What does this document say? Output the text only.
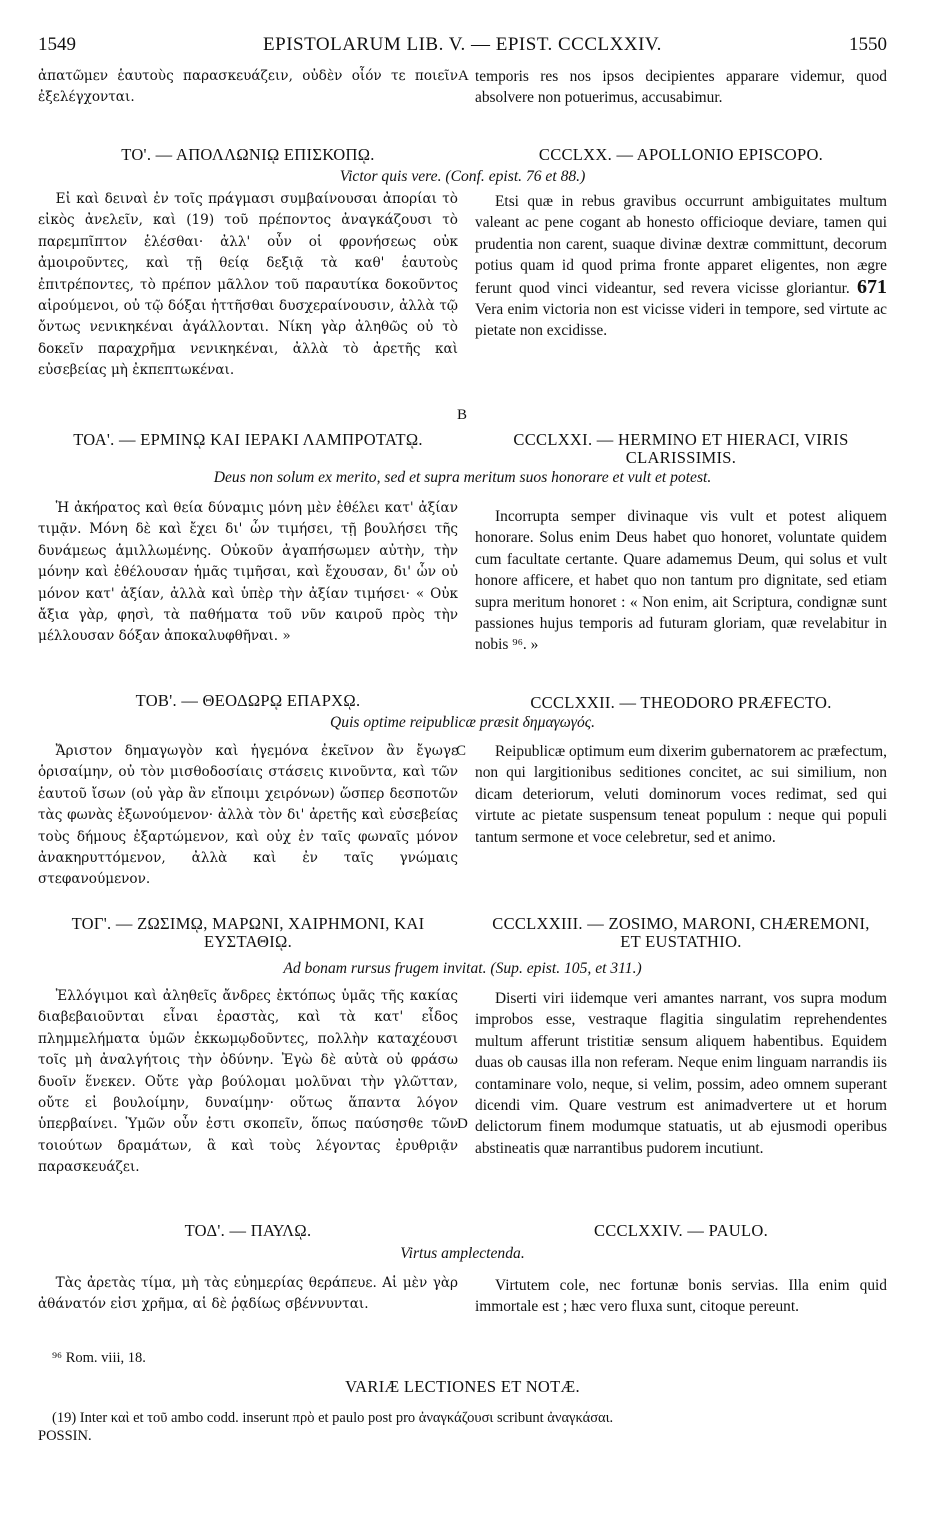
1549	EPISTOLARUM LIB. V. — EPIST. CCCLXXIV.	1550

ἀπατῶμεν ἑαυτοὺς παρασκευάζειν, οὐδὲν οἷόν τε ποιεῖν ἐξελέγχονται.

A temporis res nos ipsos decipientes apparare videmur, quod absolvere non potuerimus, accusabimur.

ΤΟ'. — ΑΠΟΛΛΩΝΙῼ ΕΠΙΣΚΟΠῼ.	CCCLXX. — APOLLONIO EPISCOPO.
Victor quis vere. (Conf. epist. 76 et 88.)

Εἰ καὶ δειναὶ ἐν τοῖς πράγμασι συμβαίνουσαι ἀπορίαι τὸ εἰκὸς ἀνελεῖν, καὶ (19) τοῦ πρέποντος ἀναγκάζουσι τὸ παρεμπῖπτον ἑλέσθαι· ἀλλ' οὖν οἱ φρονήσεως οὐκ ἀμοιροῦντες, καὶ τῇ θείᾳ δεξιᾷ τὰ καθ' ἑαυτοὺς ἐπιτρέποντες, τὸ πρέπον μᾶλλον τοῦ παραυτίκα δοκοῦντος αἱρούμενοι, οὐ τῷ δόξαι ἡττῆσθαι δυσχεραίνουσιν, ἀλλὰ τῷ ὄντως νενικηκέναι ἀγάλλονται. Νίκη γὰρ ἀληθῶς οὐ τὸ δοκεῖν παραχρῆμα νενικηκέναι, ἀλλὰ τὸ ἀρετῆς καὶ εὐσεβείας μὴ ἐκπεπτωκέναι.

Etsi quæ in rebus gravibus occurrunt ambiguitates multum valeant ac pene cogant ab honesto officioque deviare, tamen qui prudentia non carent, suaque divinæ dextræ committunt, decorum potius quam id quod prima fronte apparet eligentes, non ægre ferunt quod vinci videantur, sed revera vicisse gloriantur. 671 Vera enim victoria non est vicisse videri in tempore, sed virtute ac pietate non excidisse.

B
ΤΟΑ'. — ΕΡΜΙΝῼ ΚΑΙ ΙΕΡΑΚΙ ΛΑΜΠΡΟΤΑΤῼ.	CCCLXXI. — HERMINO ET HIERACI, VIRIS
CLARISSIMIS.
Deus non solum ex merito, sed et supra meritum suos honorare et vult et potest.

Ἡ ἀκήρατος καὶ θεία δύναμις μόνη μὲν ἐθέλει κατ' ἀξίαν τιμᾷν. Μόνη δὲ καὶ ἔχει δι' ὧν τιμήσει, τῇ βουλήσει τῆς δυνάμεως ἁμιλλωμένης. Οὐκοῦν ἀγαπήσωμεν αὐτὴν, τὴν μόνην καὶ ἐθέλουσαν ἡμᾶς τιμῆσαι, καὶ ἔχουσαν, δι' ὧν οὐ μόνον κατ' ἀξίαν, ἀλλὰ καὶ ὑπὲρ τὴν ἀξίαν τιμήσει· « Οὐκ ἄξια γὰρ, φησὶ, τὰ παθήματα τοῦ νῦν καιροῦ πρὸς τὴν μέλλουσαν δόξαν ἀποκαλυφθῆναι. »

Incorrupta semper divinaque vis vult et potest aliquem honorare. Solus enim Deus habet quo honoret, voluntate quidem cum facultate certante. Quare adamemus Deum, qui solus et vult honore afficere, et habet quo non tantum pro dignitate, sed etiam supra meritum honoret : « Non enim, ait Scriptura, condignæ sunt passiones hujus temporis ad futuram gloriam, quæ revelabitur in nobis ⁹⁶. »

ΤΟΒ'. — ΘΕΟΔΩΡῼ ΕΠΑΡΧῼ.	CCCLXXII. — THEODORO PRÆFECTO.
Quis optime reipublicæ præsit δημαγωγός.

Ἄριστον δημαγωγὸν καὶ ἡγεμόνα ἐκεῖνον ἂν ἔγωγε ὁρισαίμην, οὐ τὸν μισθοδοσίαις στάσεις κινοῦντα, καὶ τῶν ἑαυτοῦ ἴσων (οὐ γὰρ ἂν εἴποιμι χειρόνων) ὥσπερ δεσποτῶν τὰς φωνὰς ἐξωνούμενον· ἀλλὰ τὸν δι' ἀρετῆς καὶ εὐσεβείας τοὺς δήμους ἐξαρτώμενον, καὶ οὐχ ἐν ταῖς φωναῖς μόνον ἀνακηρυττόμενον, ἀλλὰ καὶ ἐν ταῖς γνώμαις στεφανούμενον.

C	Reipublicæ optimum eum dixerim gubernatorem ac præfectum, non qui largitionibus seditiones concitet, ac sui similium, non dicam deteriorum, veluti dominorum voces redimat, sed qui virtute ac pietate suspensum teneat populum : neque qui populi tantum sermone et voce celebretur, sed et animo.

ΤΟΓ'. — ΖΩΣΙΜῼ, ΜΑΡΩΝΙ, ΧΑΙΡΗΜΟΝΙ, ΚΑΙ
ΕΥΣΤΑΘΙῼ.
CCCLXXIII. — ZOSIMO, MARONI, CHÆREMONI,
ET EUSTATHIO.
Ad bonam rursus frugem invitat. (Sup. epist. 105, et 311.)

Ἐλλόγιμοι καὶ ἀληθεῖς ἄνδρες ἐκτόπως ὑμᾶς τῆς κακίας διαβεβαιοῦνται εἶναι ἐραστὰς, καὶ τὰ κατ' εἶδος πλημμελήματα ὑμῶν ἐκκωμῳδοῦντες, πολλὴν καταχέουσι τοῖς μὴ ἀναλγήτοις τὴν ὀδύνην. Ἐγὼ δὲ αὐτὰ οὐ φράσω δυοῖν ἕνεκεν. Οὔτε γὰρ βούλομαι μολῦναι τὴν γλῶτταν, οὔτε εἰ βουλοίμην, δυναίμην· οὕτως ἅπαντα λόγον ὑπερβαίνει. Ὑμῶν οὖν ἐστι σκοπεῖν, ὅπως παύσησθε τῶν τοιούτων δραμάτων, ἃ καὶ τοὺς λέγοντας ἐρυθριᾷν παρασκευάζει.

D

Diserti viri iidemque veri amantes narrant, vos supra modum improbos esse, vestraque flagitia singulatim reprehendentes multum afferunt tristitiæ sensum aliquem habentibus. Equidem duas ob causas illa non referam. Neque enim linguam narrandis iis contaminare volo, neque, si velim, possim, adeo omnem superant dicendi vim. Quare vestrum est animadvertere ut et horum delictorum finem modumque statuatis, ut ab ejusmodi operibus abstineatis quæ narrantibus pudorem incutiunt.

ΤΟΔ'. — ΠΑΥΛῼ.	CCCLXXIV. — PAULO.
Virtus amplectenda.

Τὰς ἀρετὰς τίμα, μὴ τὰς εὐημερίας θεράπευε. Αἱ μὲν γὰρ ἀθάνατόν εἰσι χρῆμα, αἱ δὲ ῥᾳδίως σβέννυνται.

Virtutem cole, nec fortunæ bonis servias. Illa enim quid immortale est ; hæc vero fluxa sunt, citoque pereunt.

⁹⁶ Rom. viii, 18.
VARIÆ LECTIONES ET NOTÆ.
(19) Inter καὶ et τοῦ ambo codd. inserunt πρὸ et paulo post pro ἀναγκάζουσι scribunt ἀναγκάσαι.
POSSIN.
